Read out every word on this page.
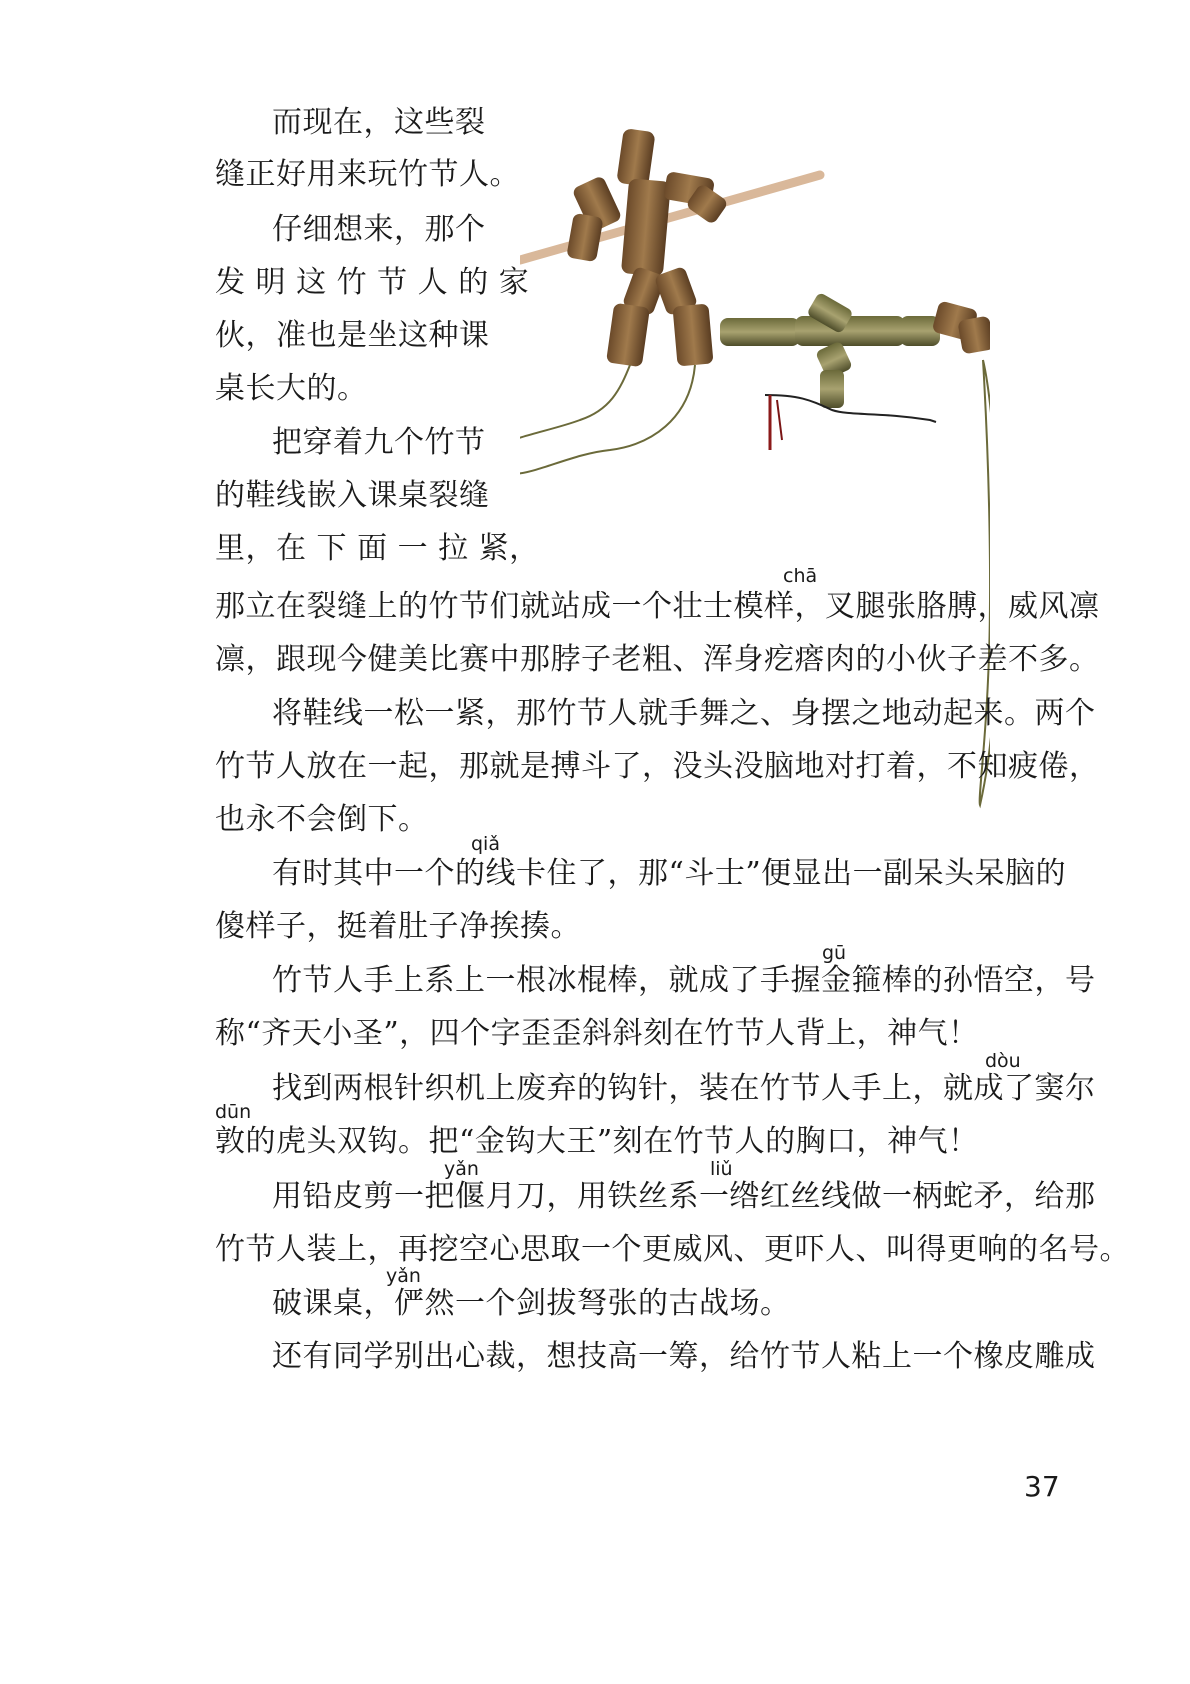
而现在，这些裂
缝正好用来玩竹节人。
仔细想来，那个
发 明 这 竹 节 人 的 家
伙，准也是坐这种课
桌长大的。
把穿着九个竹节
的鞋线嵌入课桌裂缝
里，在 下 面 一 拉 紧，
chā
那立在裂缝上的竹节们就站成一个壮士模样，叉腿张胳膊，威风凛
凛，跟现今健美比赛中那脖子老粗、浑身疙瘩肉的小伙子差不多。
将鞋线一松一紧，那竹节人就手舞之、身摆之地动起来。两个
竹节人放在一起，那就是搏斗了，没头没脑地对打着，不知疲倦，
也永不会倒下。
qiǎ
有时其中一个的线卡住了，那“斗士”便显出一副呆头呆脑的
傻样子，挺着肚子净挨揍。
gū
竹节人手上系上一根冰棍棒，就成了手握金箍棒的孙悟空，号
称“齐天小圣”，四个字歪歪斜斜刻在竹节人背上，神气！
dòu
找到两根针织机上废弃的钩针，装在竹节人手上，就成了窦尔
dūn
敦的虎头双钩。把“金钩大王”刻在竹节人的胸口，神气！
yǎn	liǔ
用铅皮剪一把偃月刀，用铁丝系一绺红丝线做一柄蛇矛，给那
竹节人装上，再挖空心思取一个更威风、更吓人、叫得更响的名号。
yǎn
破课桌，俨然一个剑拔弩张的古战场。
还有同学别出心裁，想技高一筹，给竹节人粘上一个橡皮雕成
37
